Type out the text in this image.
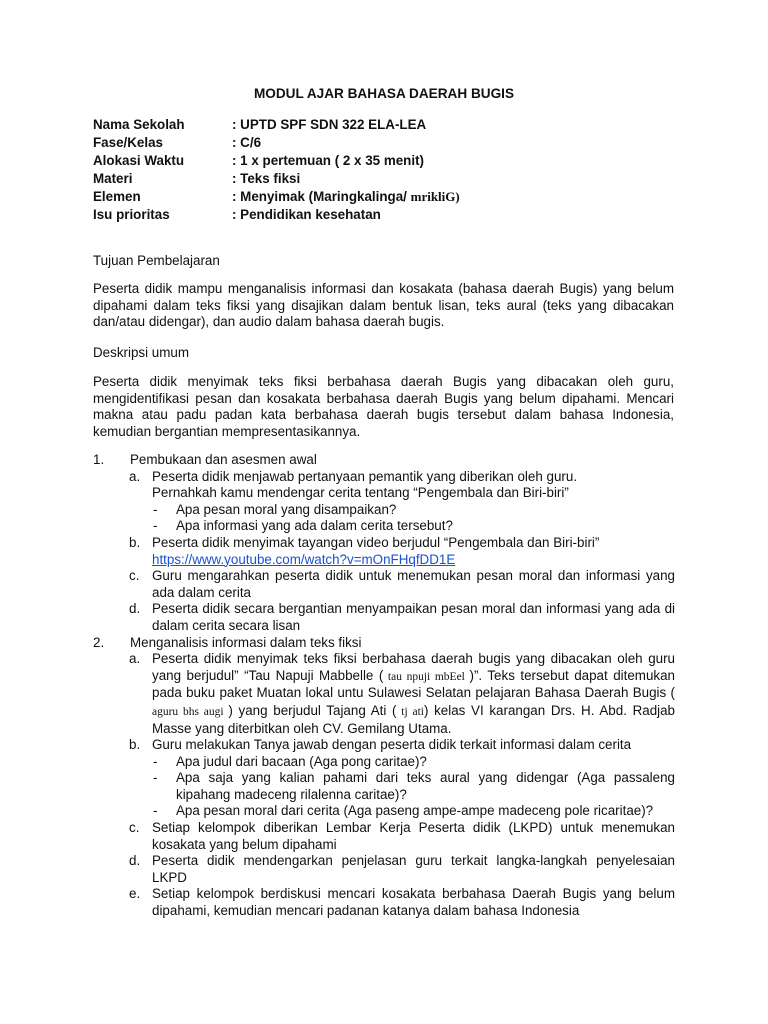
MODUL AJAR BAHASA DAERAH BUGIS
Nama Sekolah	: UPTD SPF SDN 322 ELA-LEA
Fase/Kelas	: C/6
Alokasi Waktu	: 1 x pertemuan ( 2 x 35 menit)
Materi	: Teks fiksi
Elemen	: Menyimak (Maringkalinga/ mrikliG)
Isu prioritas	: Pendidikan kesehatan
Tujuan Pembelajaran
Peserta didik mampu menganalisis informasi dan kosakata (bahasa daerah Bugis) yang belum dipahami dalam teks fiksi yang disajikan dalam bentuk lisan, teks aural (teks yang dibacakan dan/atau didengar), dan audio dalam bahasa daerah bugis.
Deskripsi umum
Peserta didik menyimak teks fiksi berbahasa daerah Bugis yang dibacakan oleh guru, mengidentifikasi pesan dan kosakata berbahasa daerah Bugis yang belum dipahami. Mencari makna atau padu padan kata berbahasa daerah bugis tersebut dalam bahasa Indonesia, kemudian bergantian mempresentasikannya.
1. Pembukaan dan asesmen awal
a. Peserta didik menjawab pertanyaan pemantik yang diberikan oleh guru.
Pernahkah kamu mendengar cerita tentang “Pengembala dan Biri-biri”
- Apa pesan moral yang disampaikan?
- Apa informasi yang ada dalam cerita tersebut?
b. Peserta didik menyimak tayangan video berjudul “Pengembala dan Biri-biri”
https://www.youtube.com/watch?v=mOnFHqfDD1E
c. Guru mengarahkan peserta didik untuk menemukan pesan moral dan informasi yang ada dalam cerita
d. Peserta didik secara bergantian menyampaikan pesan moral dan informasi yang ada di dalam cerita secara lisan
2. Menganalisis informasi dalam teks fiksi
a. Peserta didik menyimak teks fiksi berbahasa daerah bugis yang dibacakan oleh guru yang berjudul” “Tau Napuji Mabbelle ( tau npuji mbEel )”. Teks tersebut dapat ditemukan pada buku paket Muatan lokal untu Sulawesi Selatan pelajaran Bahasa Daerah Bugis ( aguru bhs augi ) yang berjudul Tajang Ati ( tj ati) kelas VI karangan Drs. H. Abd. Radjab Masse yang diterbitkan oleh CV. Gemilang Utama.
b. Guru melakukan Tanya jawab dengan peserta didik terkait informasi dalam cerita
- Apa judul dari bacaan (Aga pong caritae)?
- Apa saja yang kalian pahami dari teks aural yang didengar (Aga passaleng kipahang madeceng rilalenna caritae)?
- Apa pesan moral dari cerita (Aga paseng ampe-ampe madeceng pole ricaritae)?
c. Setiap kelompok diberikan Lembar Kerja Peserta didik (LKPD) untuk menemukan kosakata yang belum dipahami
d. Peserta didik mendengarkan penjelasan guru terkait langka-langkah penyelesaian LKPD
e. Setiap kelompok berdiskusi mencari kosakata berbahasa Daerah Bugis yang belum dipahami, kemudian mencari padanan katanya dalam bahasa Indonesia
